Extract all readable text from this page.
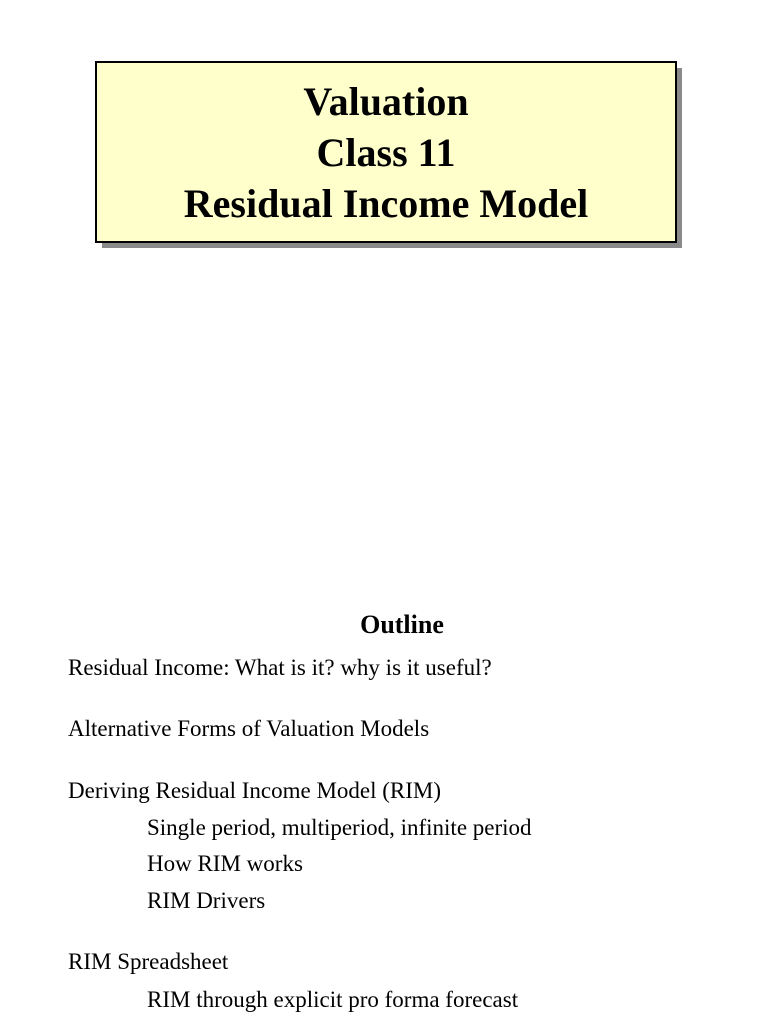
Valuation
Class 11
Residual Income Model
Outline
Residual Income: What is it? why is it useful?
Alternative Forms of Valuation Models
Deriving Residual Income Model (RIM)
Single period, multiperiod, infinite period
How RIM works
RIM Drivers
RIM Spreadsheet
RIM through explicit pro forma forecast
